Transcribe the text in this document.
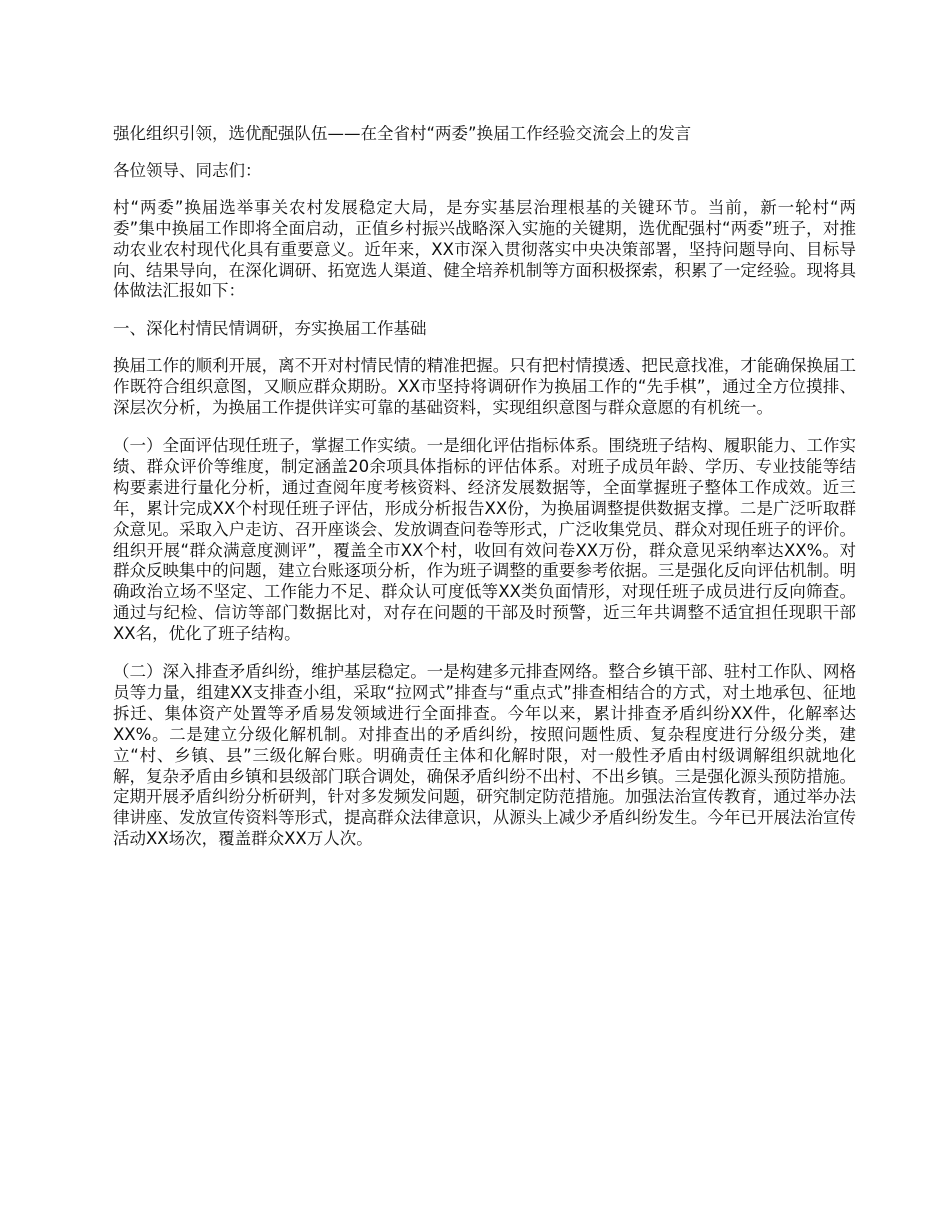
强化组织引领，选优配强队伍——在全省村“两委”换届工作经验交流会上的发言

各位领导、同志们：

村“两委”换届选举事关农村发展稳定大局，是夯实基层治理根基的关键环节。当前，新一轮村“两委”集中换届工作即将全面启动，正值乡村振兴战略深入实施的关键期，选优配强村“两委”班子，对推动农业农村现代化具有重要意义。近年来，XX市深入贯彻落实中央决策部署，坚持问题导向、目标导向、结果导向，在深化调研、拓宽选人渠道、健全培养机制等方面积极探索，积累了一定经验。现将具体做法汇报如下：

一、深化村情民情调研，夯实换届工作基础

换届工作的顺利开展，离不开对村情民情的精准把握。只有把村情摸透、把民意找准，才能确保换届工作既符合组织意图，又顺应群众期盼。XX市坚持将调研作为换届工作的“先手棋”，通过全方位摸排、深层次分析，为换届工作提供详实可靠的基础资料，实现组织意图与群众意愿的有机统一。

（一）全面评估现任班子，掌握工作实绩。一是细化评估指标体系。围绕班子结构、履职能力、工作实绩、群众评价等维度，制定涵盖20余项具体指标的评估体系。对班子成员年龄、学历、专业技能等结构要素进行量化分析，通过查阅年度考核资料、经济发展数据等，全面掌握班子整体工作成效。近三年，累计完成XX个村现任班子评估，形成分析报告XX份，为换届调整提供数据支撑。二是广泛听取群众意见。采取入户走访、召开座谈会、发放调查问卷等形式，广泛收集党员、群众对现任班子的评价。组织开展“群众满意度测评”，覆盖全市XX个村，收回有效问卷XX万份，群众意见采纳率达XX%。对群众反映集中的问题，建立台账逐项分析，作为班子调整的重要参考依据。三是强化反向评估机制。明确政治立场不坚定、工作能力不足、群众认可度低等XX类负面情形，对现任班子成员进行反向筛查。通过与纪检、信访等部门数据比对，对存在问题的干部及时预警，近三年共调整不适宜担任现职干部XX名，优化了班子结构。

（二）深入排查矛盾纠纷，维护基层稳定。一是构建多元排查网络。整合乡镇干部、驻村工作队、网格员等力量，组建XX支排查小组，采取“拉网式”排查与“重点式”排查相结合的方式，对土地承包、征地拆迁、集体资产处置等矛盾易发领域进行全面排查。今年以来，累计排查矛盾纠纷XX件，化解率达XX%。二是建立分级化解机制。对排查出的矛盾纠纷，按照问题性质、复杂程度进行分级分类，建立“村、乡镇、县”三级化解台账。明确责任主体和化解时限，对一般性矛盾由村级调解组织就地化解，复杂矛盾由乡镇和县级部门联合调处，确保矛盾纠纷不出村、不出乡镇。三是强化源头预防措施。定期开展矛盾纠纷分析研判，针对多发频发问题，研究制定防范措施。加强法治宣传教育，通过举办法律讲座、发放宣传资料等形式，提高群众法律意识，从源头上减少矛盾纠纷发生。今年已开展法治宣传活动XX场次，覆盖群众XX万人次。
